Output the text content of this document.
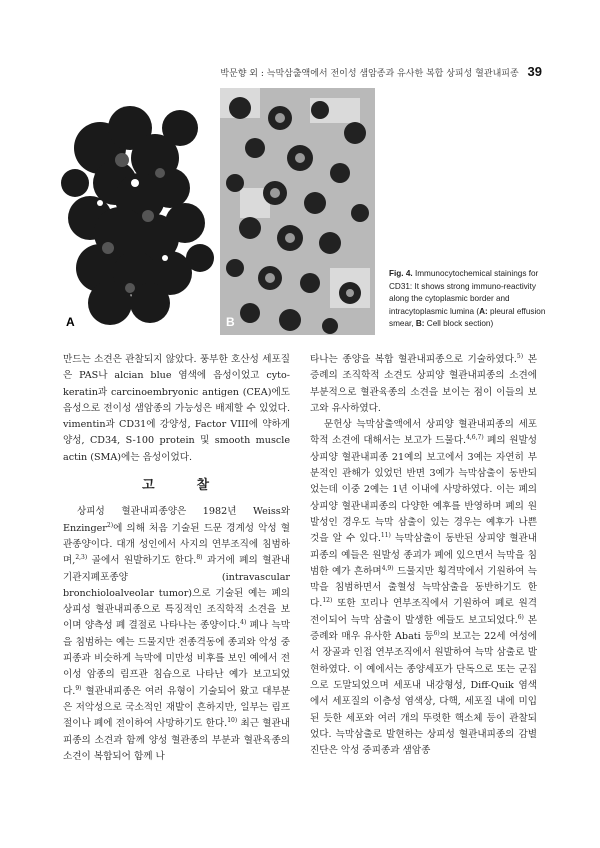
박문향 외 : 늑막삼출액에서 전이성 샘암종과 유사한 복합 상피성 혈관내피종 39
A	B
Fig. 4. Immunocytochemical stainings for CD31: It shows strong immuno-reactivity along the cytoplasmic border and intracytoplasmic lumina (A: pleural effusion smear, B: Cell block section)

만드는 소견은 관찰되지 않았다. 풍부한 호산성 세포질은 PAS나 alcian blue 염색에 음성이었고 cyto-keratin과 carcinoembryonic antigen (CEA)에도 음성으로 전이성 샘암종의 가능성은 배제할 수 있었다. vimentin과 CD31에 강양성, Factor VIII에 약하게 양성, CD34, S-100 protein 및 smooth muscle actin (SMA)에는 음성이었다.

고찰

상피성 혈관내피종양은 1982년 Weiss와 Enzinger$^{2)}$에 의해 처음 기술된 드문 경계성 악성 혈관종양이다. 대개 성인에서 사지의 연부조직에 침범하며,$^{2,3)}$ 골에서 원발하기도 한다.$^{8)}$ 과거에 폐의 혈관내기관지폐포종양 (intravascular bronchioloalveolar tumor)으로 기술된 예는 폐의 상피성 혈관내피종으로 특징적인 조직학적 소견을 보이며 양측성 폐 결절로 나타나는 종양이다.$^{4)}$ 폐나 늑막을 침범하는 예는 드물지만 전종격동에 종괴와 악성 중피종과 비슷하게 늑막에 미만성 비후를 보인 예에서 전이성 암종의 림프관 침습으로 나타난 예가 보고되었다.$^{9)}$ 혈관내피종은 여러 유형이 기술되어 왔고 대부분은 저악성으로 국소적인 재발이 흔하지만, 일부는 림프절이나 폐에 전이하여 사망하기도 한다.$^{10)}$ 최근 혈관내피종의 소견과 함께 양성 혈관종의 부분과 혈관육종의 소견이 복합되어 함께 나

타나는 종양을 복합 혈관내피종으로 기술하였다.$^{5)}$ 본 증례의 조직학적 소견도 상피양 혈관내피종의 소견에 부분적으로 혈관육종의 소견을 보이는 점이 이들의 보고와 유사하였다.

문헌상 늑막삼출액에서 상피양 혈관내피종의 세포학적 소견에 대해서는 보고가 드물다.$^{4,6,7)}$ 폐의 원발성 상피양 혈관내피종 21예의 보고에서 3예는 자연히 부분적인 관해가 있었던 반면 3예가 늑막삼출이 동반되었는데 이중 2예는 1년 이내에 사망하였다. 이는 폐의 상피양 혈관내피종의 다양한 예후를 반영하며 폐의 원발성인 경우도 늑막 삼출이 있는 경우는 예후가 나쁜 것을 알 수 있다.$^{11)}$ 늑막삼출이 동반된 상피양 혈관내피종의 예들은 원발성 종괴가 폐에 있으면서 늑막을 침범한 예가 흔하며$^{4,9)}$ 드물지만 횡격막에서 기원하여 늑막을 침범하면서 출혈성 늑막삼출을 동반하기도 한다.$^{12)}$ 또한 꼬리나 연부조직에서 기원하여 폐로 원격 전이되어 늑막 삼출이 발생한 예들도 보고되었다.$^{6)}$ 본 증례와 매우 유사한 Abati 등$^{6)}$의 보고는 22세 여성에서 장골과 인접 연부조직에서 원발하여 늑막 삼출로 발현하였다. 이 예에서는 종양세포가 단독으로 또는 군집으로 도말되었으며 세포내 내강형성, Diff-Quik 염색에서 세포질의 이층성 염색상, 다핵, 세포질 내에 미입된 듯한 세포와 여러 개의 뚜렷한 핵소체 등이 관찰되었다. 늑막삼출로 발현하는 상피성 혈관내피종의 감별진단은 악성 중피종과 샘암종
